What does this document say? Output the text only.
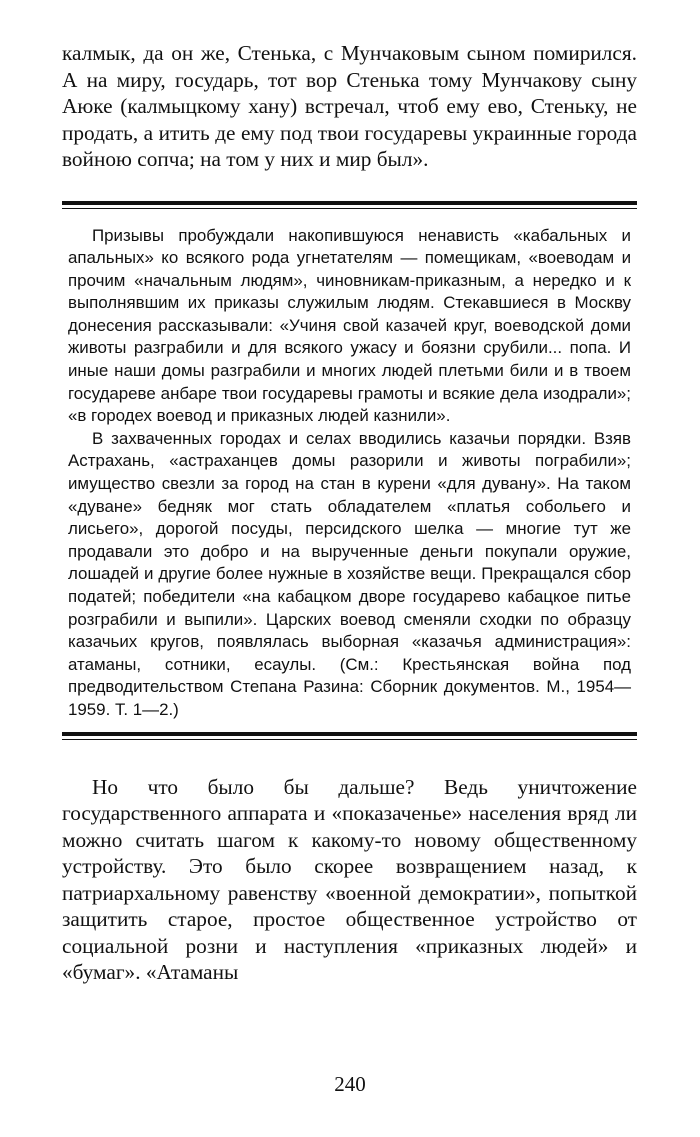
калмык, да он же, Стенька, с Мунчаковым сыном помирился. А на миру, государь, тот вор Стенька тому Мунчакову сыну Аюке (калмыцкому хану) встречал, чтоб ему ево, Стеньку, не продать, а итить де ему под твои государевы украинные города войною сопча; на том у них и мир был».

Призывы пробуждали накопившуюся ненависть «кабальных и апальных» ко всякого рода угнетателям — помещикам, «воеводам и прочим «начальным людям», чиновникам-приказным, а нередко и к выполнявшим их приказы служилым людям. Стекавшиеся в Москву донесения рассказывали: «Учиня свой казачей круг, воеводской доми животы разграбили и для всякого ужасу и боязни срубили... попа. И иные наши домы разграбили и многих людей плетьми били и в твоем государеве анбаре твои государевы грамоты и всякие дела изодрали»; «в городех воевод и приказных людей казнили».

В захваченных городах и селах вводились казачьи порядки. Взяв Астрахань, «астраханцев домы разорили и животы пограбили»; имущество свезли за город на стан в курени «для дувану». На таком «дуване» бедняк мог стать обладателем «платья собольего и лисьего», дорогой посуды, персидского шелка — многие тут же продавали это добро и на вырученные деньги покупали оружие, лошадей и другие более нужные в хозяйстве вещи. Прекращался сбор податей; победители «на кабацком дворе государево кабацкое питье розграбили и выпили». Царских воевод сменяли сходки по образцу казачьих кругов, появлялась выборная «казачья администрация»: атаманы, сотники, есаулы. (См.: Крестьянская война под предводительством Степана Разина: Сборник документов. М., 1954—1959. Т. 1—2.)

Но что было бы дальше? Ведь уничтожение государственного аппарата и «показаченье» населения вряд ли можно считать шагом к какому-то новому общественному устройству. Это было скорее возвращением назад, к патриархальному равенству «военной демократии», попыткой защитить старое, простое общественное устройство от социальной розни и наступления «приказных людей» и «бумаг». «Атаманы

240
